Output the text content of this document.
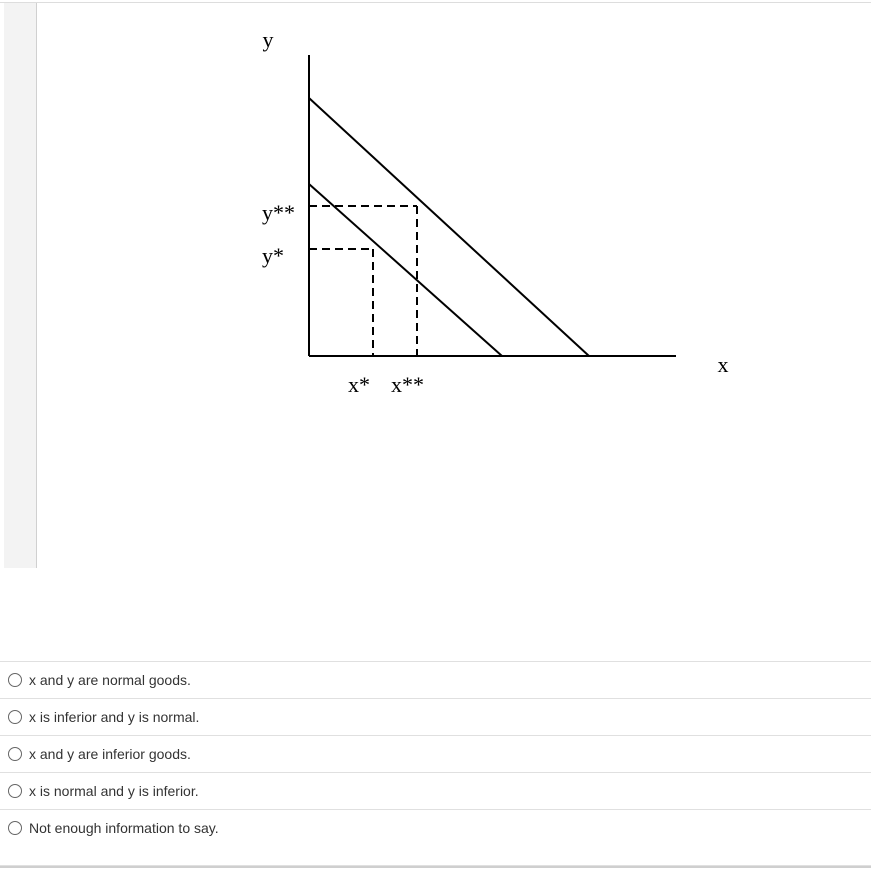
y
x
y**
y*
x* x**
x and y are normal goods.
x is inferior and y is normal.
x and y are inferior goods.
x is normal and y is inferior.
Not enough information to say.
